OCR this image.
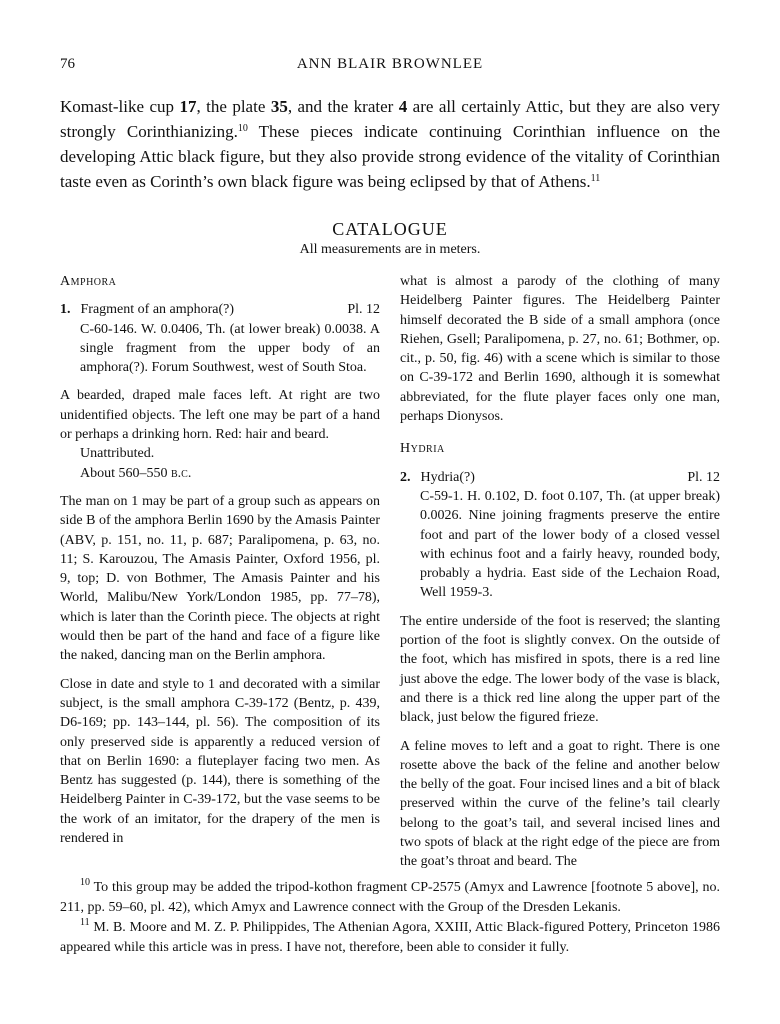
76	ANN BLAIR BROWNLEE

Komast-like cup 17, the plate 35, and the krater 4 are all certainly Attic, but they are also very strongly Corinthianizing.$^{10}$ These pieces indicate continuing Corinthian influence on the developing Attic black figure, but they also provide strong evidence of the vitality of Corinthian taste even as Corinth’s own black figure was being eclipsed by that of Athens.$^{11}$

CATALOGUE
All measurements are in meters.

Amphora

1. Fragment of an amphora(?)	Pl. 12

C-60-146. W. 0.0406, Th. (at lower break) 0.0038. A single fragment from the upper body of an amphora(?). Forum Southwest, west of South Stoa.

A bearded, draped male faces left. At right are two unidentified objects. The left one may be part of a hand or perhaps a drinking horn. Red: hair and beard.

Unattributed.

About 560–550 b.c.

The man on 1 may be part of a group such as appears on side B of the amphora Berlin 1690 by the Amasis Painter (ABV, p. 151, no. 11, p. 687; Paralipomena, p. 63, no. 11; S. Karouzou, The Amasis Painter, Oxford 1956, pl. 9, top; D. von Bothmer, The Amasis Painter and his World, Malibu/New York/London 1985, pp. 77–78), which is later than the Corinth piece. The objects at right would then be part of the hand and face of a figure like the naked, dancing man on the Berlin amphora.

Close in date and style to 1 and decorated with a similar subject, is the small amphora C-39-172 (Bentz, p. 439, D6-169; pp. 143–144, pl. 56). The composition of its only preserved side is apparently a reduced version of that on Berlin 1690: a fluteplayer facing two men. As Bentz has suggested (p. 144), there is something of the Heidelberg Painter in C-39-172, but the vase seems to be the work of an imitator, for the drapery of the men is rendered in

what is almost a parody of the clothing of many Heidelberg Painter figures. The Heidelberg Painter himself decorated the B side of a small amphora (once Riehen, Gsell; Paralipomena, p. 27, no. 61; Bothmer, op. cit., p. 50, fig. 46) with a scene which is similar to those on C-39-172 and Berlin 1690, although it is somewhat abbreviated, for the flute player faces only one man, perhaps Dionysos.

Hydria

2. Hydria(?)	Pl. 12

C-59-1. H. 0.102, D. foot 0.107, Th. (at upper break) 0.0026. Nine joining fragments preserve the entire foot and part of the lower body of a closed vessel with echinus foot and a fairly heavy, rounded body, probably a hydria. East side of the Lechaion Road, Well 1959-3.

The entire underside of the foot is reserved; the slanting portion of the foot is slightly convex. On the outside of the foot, which has misfired in spots, there is a red line just above the edge. The lower body of the vase is black, and there is a thick red line along the upper part of the black, just below the figured frieze.

A feline moves to left and a goat to right. There is one rosette above the back of the feline and another below the belly of the goat. Four incised lines and a bit of black preserved within the curve of the feline’s tail clearly belong to the goat’s tail, and several incised lines and two spots of black at the right edge of the piece are from the goat’s throat and beard. The

$^{10}$ To this group may be added the tripod-kothon fragment CP-2575 (Amyx and Lawrence [footnote 5 above], no. 211, pp. 59–60, pl. 42), which Amyx and Lawrence connect with the Group of the Dresden Lekanis.

$^{11}$ M. B. Moore and M. Z. P. Philippides, The Athenian Agora, XXIII, Attic Black-figured Pottery, Princeton 1986 appeared while this article was in press. I have not, therefore, been able to consider it fully.
